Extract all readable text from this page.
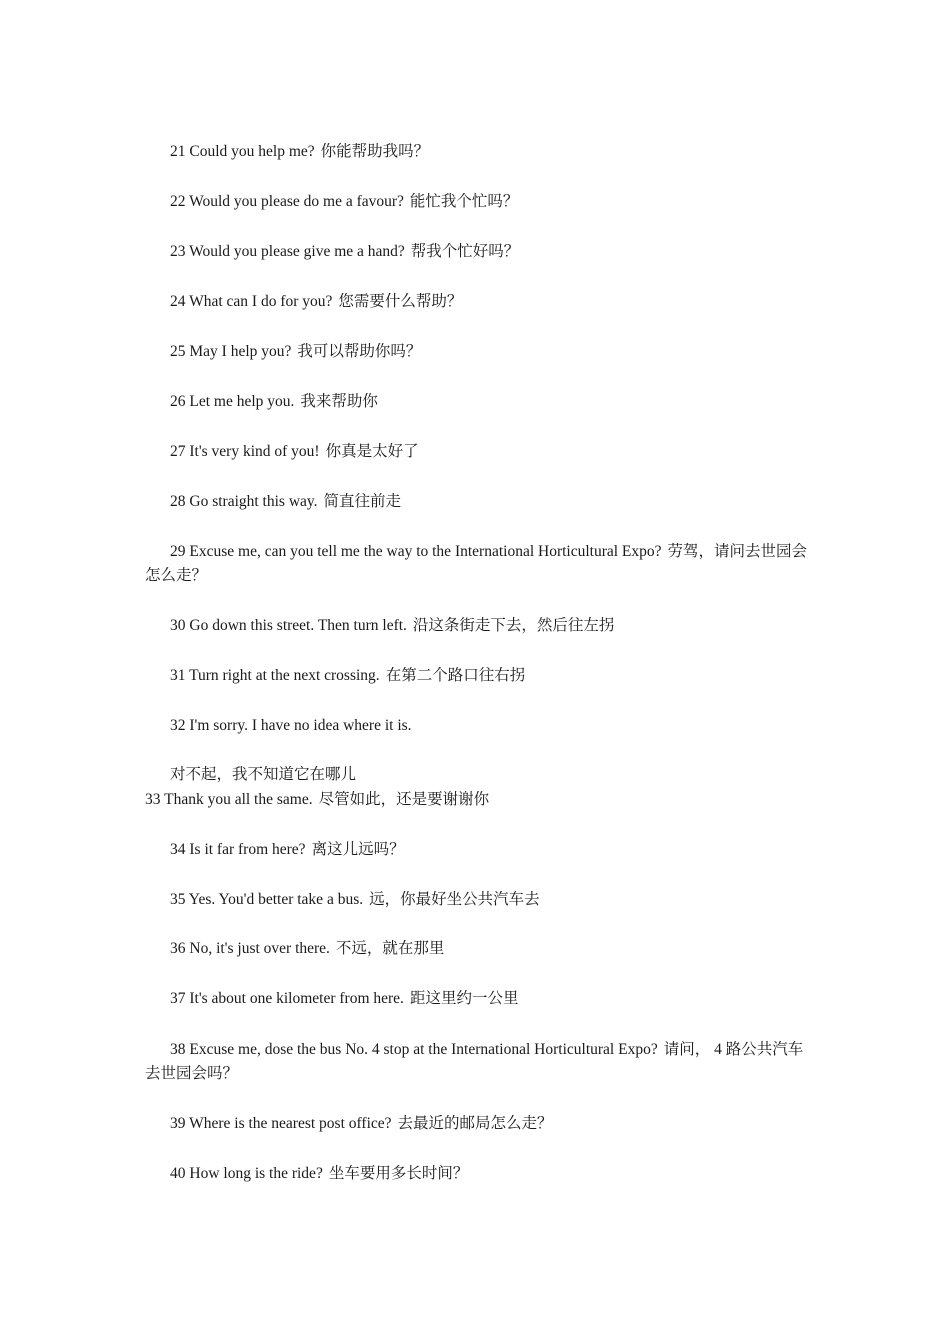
21 Could you help me? 你能帮助我吗？

22 Would you please do me a favour? 能忙我个忙吗？

23 Would you please give me a hand? 帮我个忙好吗？

24 What can I do for you? 您需要什么帮助？

25 May I help you? 我可以帮助你吗？

26 Let me help you. 我来帮助你

27 It's very kind of you! 你真是太好了

28 Go straight this way. 简直往前走

29 Excuse me, can you tell me the way to the International Horticultural Expo? 劳驾，请问去世园会怎么走？

30 Go down this street. Then turn left. 沿这条街走下去，然后往左拐

31 Turn right at the next crossing. 在第二个路口往右拐

32 I'm sorry. I have no idea where it is.

对不起，我不知道它在哪儿

33 Thank you all the same. 尽管如此，还是要谢谢你

34 Is it far from here? 离这儿远吗？

35 Yes. You'd better take a bus. 远，你最好坐公共汽车去

36 No, it's just over there. 不远，就在那里

37 It's about one kilometer from here. 距这里约一公里

38 Excuse me, dose the bus No. 4 stop at the International Horticultural Expo? 请问， 4 路公共汽车去世园会吗？

39 Where is the nearest post office? 去最近的邮局怎么走？

40 How long is the ride? 坐车要用多长时间？
